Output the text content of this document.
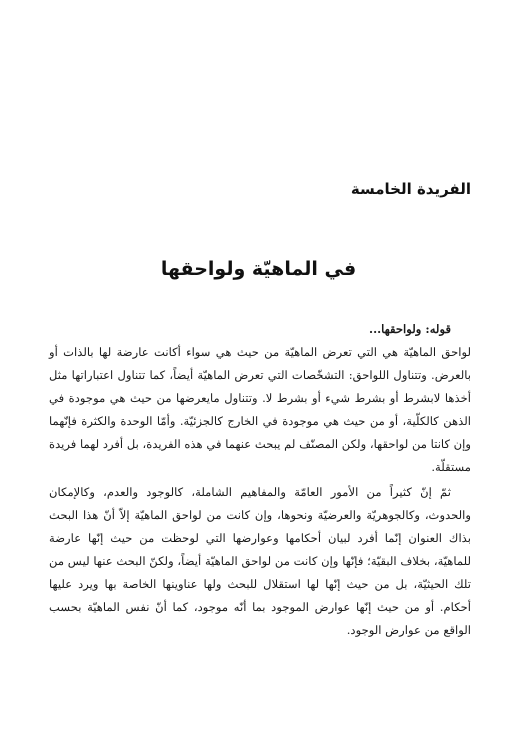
الفريدة الخامسة
في الماهيّة ولواحقها

قوله: ولواحقها...

لواحق الماهيّة هي التي تعرض الماهيّة من حيث هي سواء أكانت عارضة لها بالذات أو بالعرض. وتتناول اللواحق: التشخّصات التي تعرض الماهيّة أيضاً، كما تتناول اعتباراتها مثل أخذها لابشرط أو بشرط شيء أو بشرط لا. وتتناول مايعرضها من حيث هي موجودة في الذهن كالكلّية، أو من حيث هي موجودة في الخارج كالجزئيّة. وأمّا الوحدة والكثرة فإنّهما وإن كانتا من لواحقها، ولكن المصنّف لم يبحث عنهما في هذه الفريدة، بل أفرد لهما فريدة مستقلّة.

ثمّ إنّ كثيراً من الأمور العامّة والمفاهيم الشاملة، كالوجود والعدم، وكالإمكان والحدوث، وكالجوهريّة والعرضيّة ونحوها، وإن كانت من لواحق الماهيّة إلاّ أنّ هذا البحث بذاك العنوان إنّما أفرد لبيان أحكامها وعوارضها التي لوحظت من حيث إنّها عارضة للماهيّة، بخلاف البقيّة؛ فإنّها وإن كانت من لواحق الماهيّة أيضاً، ولكنّ البحث عنها ليس من تلك الحيثيّة، بل من حيث إنّها لها استقلال للبحث ولها عناوينها الخاصة بها ويرد عليها أحكام. أو من حيث إنّها عوارض الموجود بما أنّه موجود، كما أنّ نفس الماهيّة بحسب الواقع من عوارض الوجود.
